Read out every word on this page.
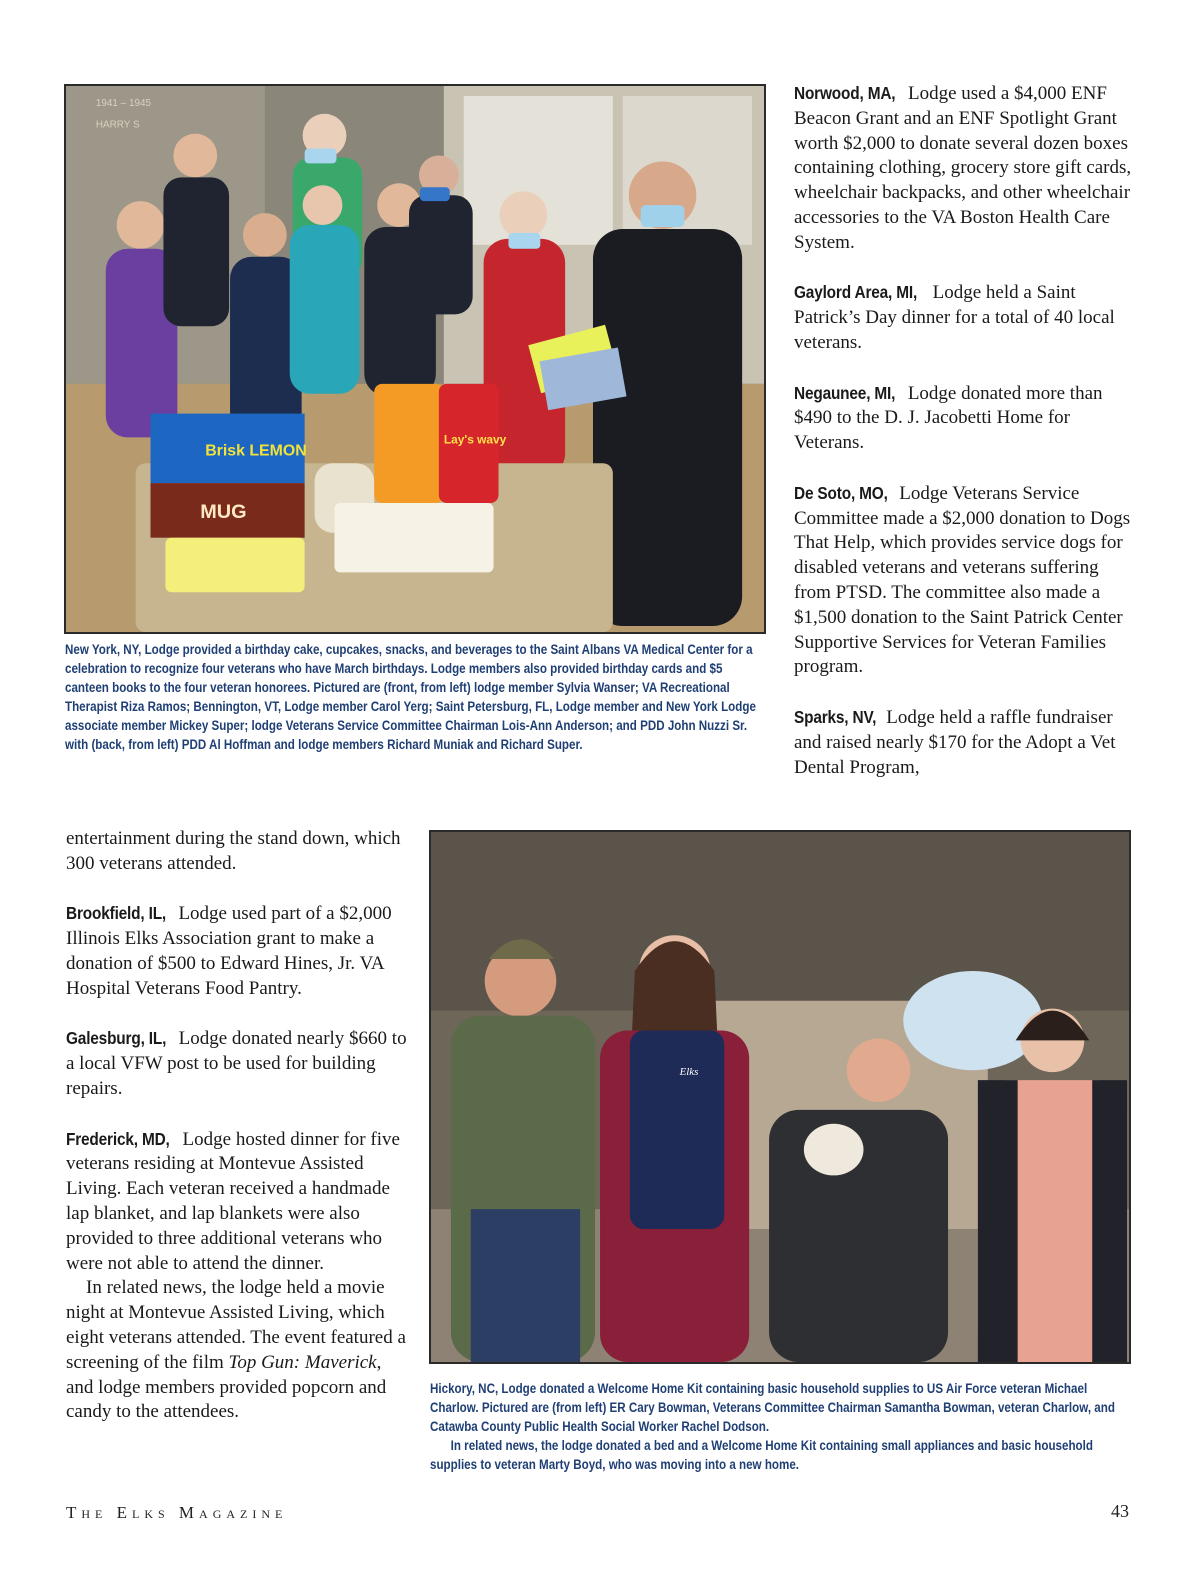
1941 – 1945
HARRY S
Brisk LEMON
MUG
Lay's wavy

New York, NY, Lodge provided a birthday cake, cupcakes, snacks, and beverages to the Saint Albans VA Medical Center for a celebration to recognize four veterans who have March birthdays. Lodge members also provided birthday cards and $5 canteen books to the four veteran honorees. Pictured are (front, from left) lodge member Sylvia Wanser; VA Recreational Therapist Riza Ramos; Bennington, VT, Lodge member Carol Yerg; Saint Petersburg, FL, Lodge member and New York Lodge associate member Mickey Super; lodge Veterans Service Committee Chairman Lois-Ann Anderson; and PDD John Nuzzi Sr. with (back, from left) PDD Al Hoffman and lodge members Richard Muniak and Richard Super.

Norwood, MA, Lodge used a $4,000 ENF Beacon Grant and an ENF Spotlight Grant worth $2,000 to donate several dozen boxes containing clothing, grocery store gift cards, wheelchair backpacks, and other wheelchair accessories to the VA Boston Health Care System.

Gaylord Area, MI, Lodge held a Saint Patrick’s Day dinner for a total of 40 local veterans.

Negaunee, MI, Lodge donated more than $490 to the D. J. Jacobetti Home for Veterans.

De Soto, MO, Lodge Veterans Service Committee made a $2,000 donation to Dogs That Help, which provides service dogs for disabled veterans and veterans suffering from PTSD. The committee also made a $1,500 donation to the Saint Patrick Center Supportive Services for Veteran Families program.

Sparks, NV, Lodge held a raffle fundraiser and raised nearly $170 for the Adopt a Vet Dental Program,

entertainment during the stand down, which 300 veterans attended.

Brookfield, IL, Lodge used part of a $2,000 Illinois Elks Association grant to make a donation of $500 to Edward Hines, Jr. VA Hospital Veterans Food Pantry.

Galesburg, IL, Lodge donated nearly $660 to a local VFW post to be used for building repairs.

Frederick, MD, Lodge hosted dinner for five veterans residing at Montevue Assisted Living. Each veteran received a handmade lap blanket, and lap blankets were also provided to three additional veterans who were not able to attend the dinner.

In related news, the lodge held a movie night at Montevue Assisted Living, which eight veterans attended. The event featured a screening of the film Top Gun: Maverick, and lodge members provided popcorn and candy to the attendees.

Elks

Hickory, NC, Lodge donated a Welcome Home Kit containing basic household supplies to US Air Force veteran Michael Charlow. Pictured are (from left) ER Cary Bowman, Veterans Committee Chairman Samantha Bowman, veteran Charlow, and Catawba County Public Health Social Worker Rachel Dodson.

In related news, the lodge donated a bed and a Welcome Home Kit containing small appliances and basic household supplies to veteran Marty Boyd, who was moving into a new home.

The Elks Magazine	43
